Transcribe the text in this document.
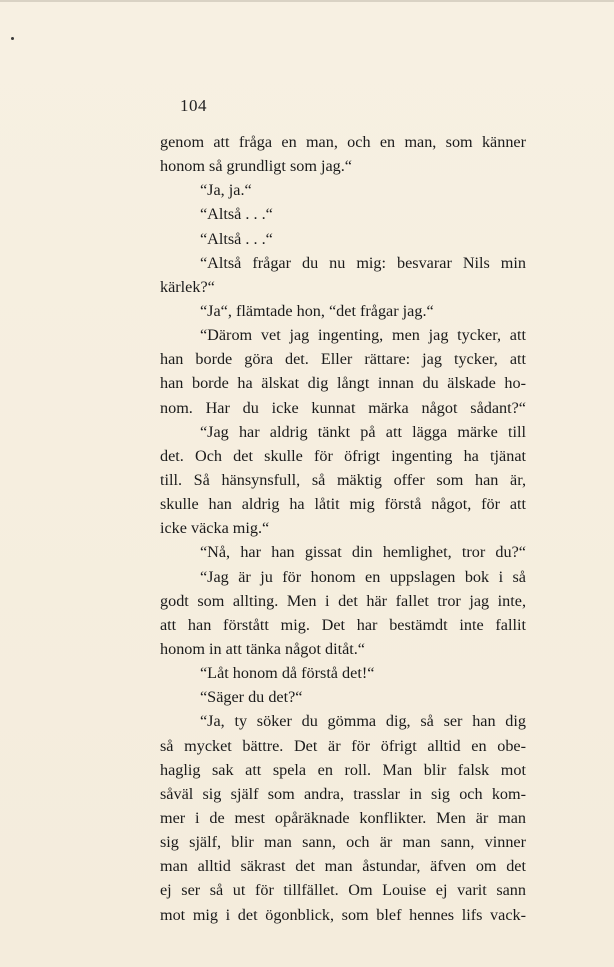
104
genom att fråga en man, och en man, som känner
honom så grundligt som jag.“
“Ja, ja.“
“Altså . . .“
“Altså . . .“
“Altså frågar du nu mig: besvarar Nils min
kärlek?“
“Ja“, flämtade hon, “det frågar jag.“
“Därom vet jag ingenting, men jag tycker, att
han borde göra det. Eller rättare: jag tycker, att
han borde ha älskat dig långt innan du älskade ho-
nom. Har du icke kunnat märka något sådant?“
“Jag har aldrig tänkt på att lägga märke till
det. Och det skulle för öfrigt ingenting ha tjänat
till. Så hänsynsfull, så mäktig offer som han är,
skulle han aldrig ha låtit mig förstå något, för att
icke väcka mig.“
“Nå, har han gissat din hemlighet, tror du?“
“Jag är ju för honom en uppslagen bok i så
godt som allting. Men i det här fallet tror jag inte,
att han förstått mig. Det har bestämdt inte fallit
honom in att tänka något ditåt.“
“Låt honom då förstå det!“
“Säger du det?“
“Ja, ty söker du gömma dig, så ser han dig
så mycket bättre. Det är för öfrigt alltid en obe-
haglig sak att spela en roll. Man blir falsk mot
såväl sig själf som andra, trasslar in sig och kom-
mer i de mest opåräknade konflikter. Men är man
sig själf, blir man sann, och är man sann, vinner
man alltid säkrast det man åstundar, äfven om det
ej ser så ut för tillfället. Om Louise ej varit sann
mot mig i det ögonblick, som blef hennes lifs vack-
